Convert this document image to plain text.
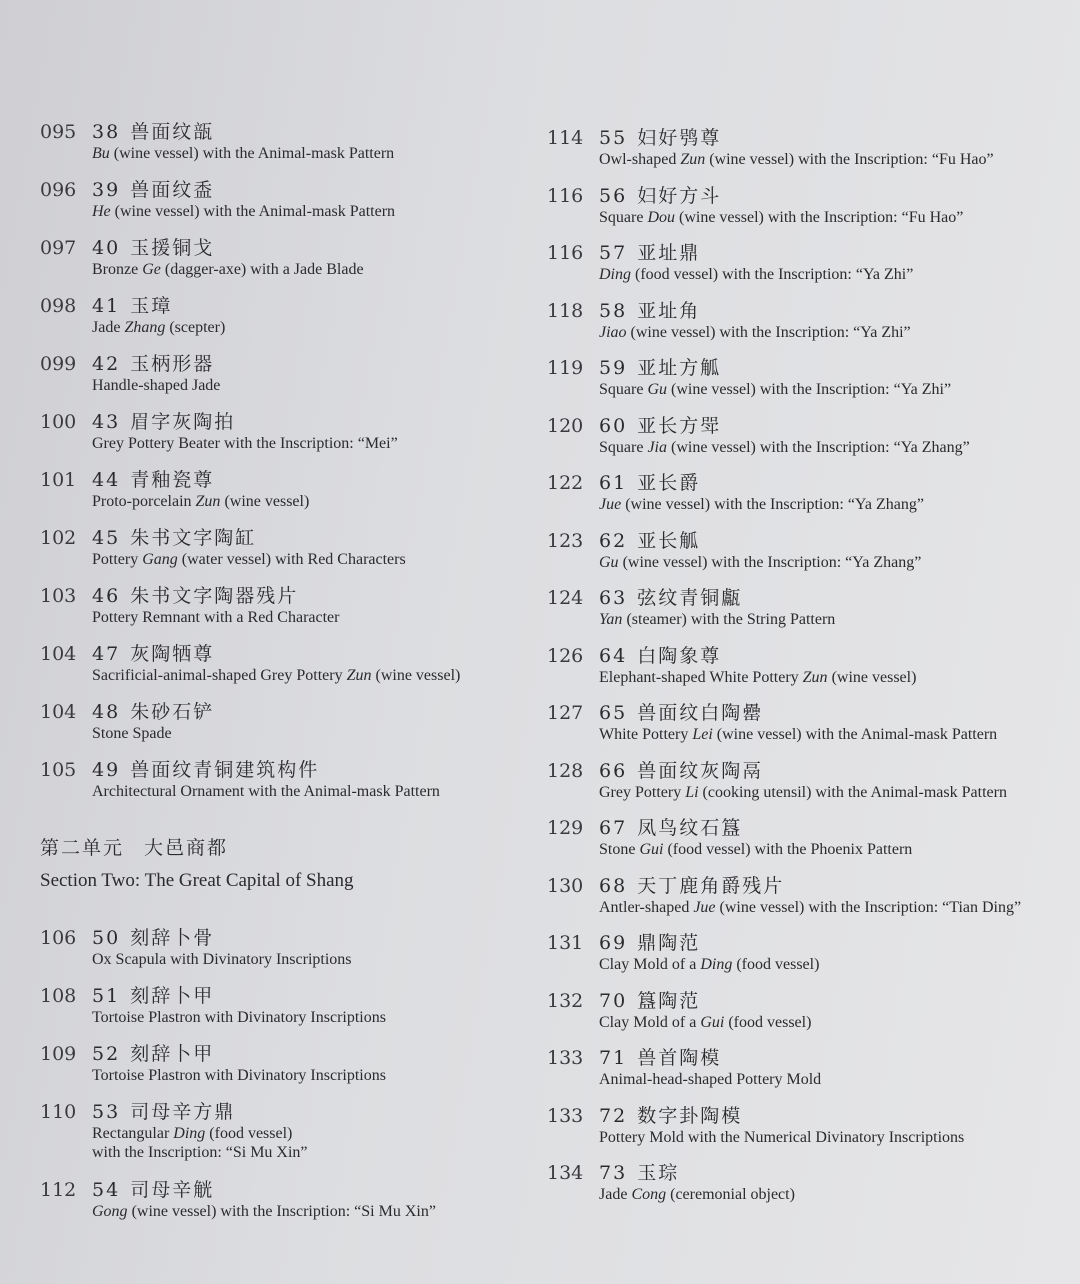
095 38 兽面纹瓿
Bu (wine vessel) with the Animal-mask Pattern
096 39 兽面纹盉
He (wine vessel) with the Animal-mask Pattern
097 40 玉援铜戈
Bronze Ge (dagger-axe) with a Jade Blade
098 41 玉璋
Jade Zhang (scepter)
099 42 玉柄形器
Handle-shaped Jade
100 43 眉字灰陶拍
Grey Pottery Beater with the Inscription: “Mei”
101 44 青釉瓷尊
Proto-porcelain Zun (wine vessel)
102 45 朱书文字陶缸
Pottery Gang (water vessel) with Red Characters
103 46 朱书文字陶器残片
Pottery Remnant with a Red Character
104 47 灰陶牺尊
Sacrificial-animal-shaped Grey Pottery Zun (wine vessel)
104 48 朱砂石铲
Stone Spade
105 49 兽面纹青铜建筑构件
Architectural Ornament with the Animal-mask Pattern
第二单元 大邑商都
Section Two: The Great Capital of Shang
106 50 刻辞卜骨
Ox Scapula with Divinatory Inscriptions
108 51 刻辞卜甲
Tortoise Plastron with Divinatory Inscriptions
109 52 刻辞卜甲
Tortoise Plastron with Divinatory Inscriptions
110 53 司母辛方鼎
Rectangular Ding (food vessel)
with the Inscription: “Si Mu Xin”
112 54 司母辛觥
Gong (wine vessel) with the Inscription: “Si Mu Xin”
114 55 妇好鸮尊
Owl-shaped Zun (wine vessel) with the Inscription: “Fu Hao”
116 56 妇好方斗
Square Dou (wine vessel) with the Inscription: “Fu Hao”
116 57 亚址鼎
Ding (food vessel) with the Inscription: “Ya Zhi”
118 58 亚址角
Jiao (wine vessel) with the Inscription: “Ya Zhi”
119 59 亚址方觚
Square Gu (wine vessel) with the Inscription: “Ya Zhi”
120 60 亚长方斝
Square Jia (wine vessel) with the Inscription: “Ya Zhang”
122 61 亚长爵
Jue (wine vessel) with the Inscription: “Ya Zhang”
123 62 亚长觚
Gu (wine vessel) with the Inscription: “Ya Zhang”
124 63 弦纹青铜甗
Yan (steamer) with the String Pattern
126 64 白陶象尊
Elephant-shaped White Pottery Zun (wine vessel)
127 65 兽面纹白陶罍
White Pottery Lei (wine vessel) with the Animal-mask Pattern
128 66 兽面纹灰陶鬲
Grey Pottery Li (cooking utensil) with the Animal-mask Pattern
129 67 凤鸟纹石簋
Stone Gui (food vessel) with the Phoenix Pattern
130 68 天丁鹿角爵残片
Antler-shaped Jue (wine vessel) with the Inscription: “Tian Ding”
131 69 鼎陶范
Clay Mold of a Ding (food vessel)
132 70 簋陶范
Clay Mold of a Gui (food vessel)
133 71 兽首陶模
Animal-head-shaped Pottery Mold
133 72 数字卦陶模
Pottery Mold with the Numerical Divinatory Inscriptions
134 73 玉琮
Jade Cong (ceremonial object)
